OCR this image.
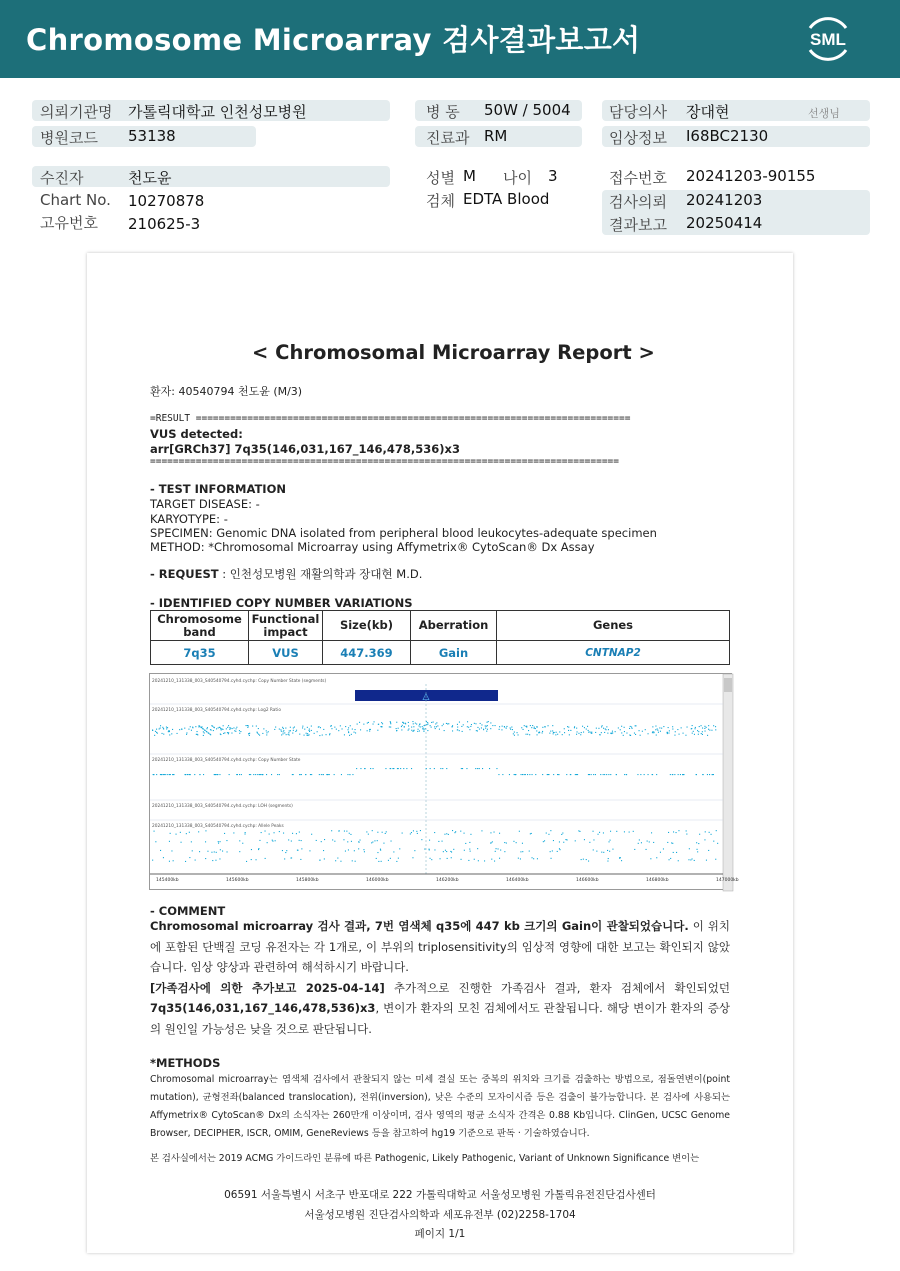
Chromosome Microarray 검사결과보고서	SML
의뢰기관명 가톨릭대학교 인천성모병원
병원코드 53138
병 동 50W / 5004
진료과 RM
담당의사 장대현	선생님
임상정보 I68BC2130
수진자	천도윤
Chart No. 10270878
고유번호 210625-3
성별 M 나이 3
검체 EDTA Blood
접수번호 20241203-90155
검사의뢰 20241203
결과보고 20250414
< Chromosomal Microarray Report >
환자: 40540794 천도윤 (M/3)
=RESULT ============================================================================
VUS detected:
arr[GRCh37] 7q35(146,031,167_146,478,536)x3
==================================================================================
- TEST INFORMATION
TARGET DISEASE: -
KARYOTYPE: -
SPECIMEN: Genomic DNA isolated from peripheral blood leukocytes-adequate specimen
METHOD: *Chromosomal Microarray using Affymetrix® CytoScan® Dx Assay
- REQUEST : 인천성모병원 재활의학과 장대현 M.D.
- IDENTIFIED COPY NUMBER VARIATIONS
Chromosome band	Functional impact	Size(kb)	Aberration	Genes
7q35	VUS	447.369	Gain	CNTNAP2
△
20241210_131338_003_S40540794.cyhd.cychp: Copy Number State (segments)
20241210_131338_003_S40540794.cyhd.cychp: Log2 Ratio
20241210_131338_003_S40540794.cyhd.cychp: Copy Number State
20241210_131338_003_S40540794.cyhd.cychp: LOH (segments)
20241210_131338_003_S40540794.cyhd.cychp: Allele Peaks
145400kb	145600kb	145800kb	146000kb	146200kb	146400kb	146600kb	146800kb	147000kb
- COMMENT
Chromosomal microarray 검사 결과, 7번 염색체 q35에 447 kb 크기의 Gain이 관찰되었습니다. 이 위치에 포함된 단백질 코딩 유전자는 각 1개로, 이 부위의 triplosensitivity의 임상적 영향에 대한 보고는 확인되지 않았습니다. 임상 양상과 관련하여 해석하시기 바랍니다.
[가족검사에 의한 추가보고 2025-04-14] 추가적으로 진행한 가족검사 결과, 환자 검체에서 확인되었던 7q35(146,031,167_146,478,536)x3, 변이가 환자의 모친 검체에서도 관찰됩니다. 해당 변이가 환자의 증상의 원인일 가능성은 낮을 것으로 판단됩니다.
*METHODS
Chromosomal microarray는 염색체 검사에서 관찰되지 않는 미세 결실 또는 중복의 위치와 크기를 검출하는 방법으로, 점돌연변이(point mutation), 균형전좌(balanced translocation), 전위(inversion), 낮은 수준의 모자이시즘 등은 검출이 불가능합니다. 본 검사에 사용되는 Affymetrix® CytoScan® Dx의 소식자는 260만개 이상이며, 검사 영역의 평균 소식자 간격은 0.88 Kb입니다. ClinGen, UCSC Genome Browser, DECIPHER, ISCR, OMIM, GeneReviews 등을 참고하여 hg19 기준으로 판독 · 기술하였습니다.
본 검사실에서는 2019 ACMG 가이드라인 분류에 따른 Pathogenic, Likely Pathogenic, Variant of Unknown Significance 변이는
06591 서울특별시 서초구 반포대로 222 가톨릭대학교 서울성모병원 가톨릭유전진단검사센터
서울성모병원 진단검사의학과 세포유전부 (02)2258-1704
페이지 1/1
